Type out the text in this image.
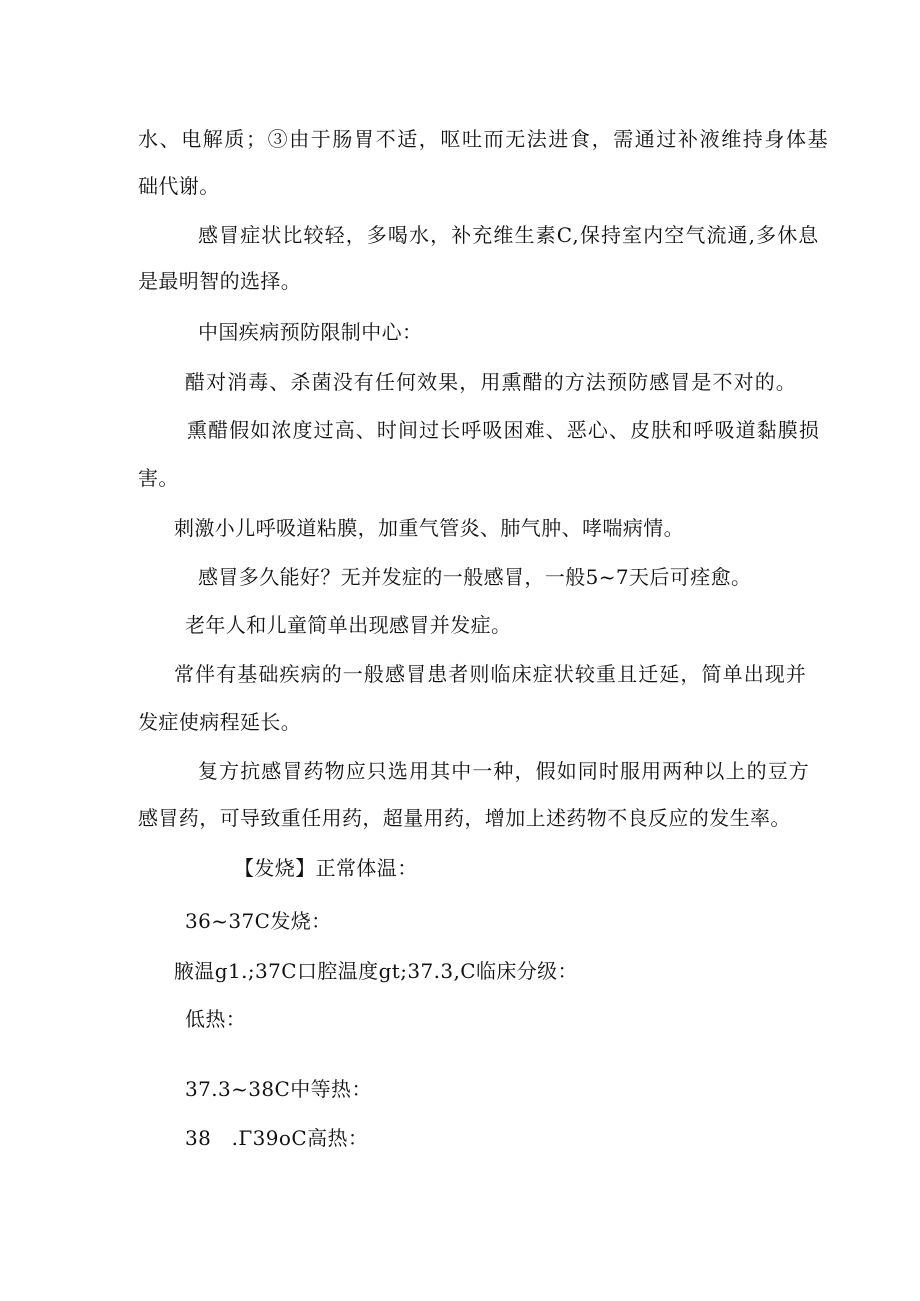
水、电解质；③由于肠胃不适，呕吐而无法进食，需通过补液维持身体基
础代谢。
感冒症状比较轻，多喝水，补充维生素C,保持室内空气流通,多休息
是最明智的选择。
中国疾病预防限制中心：
醋对消毒、杀菌没有任何效果，用熏醋的方法预防感冒是不对的。
熏醋假如浓度过高、时间过长呼吸困难、恶心、皮肤和呼吸道黏膜损
害。
刺激小儿呼吸道粘膜，加重气管炎、肺气肿、哮喘病情。
感冒多久能好？无并发症的一般感冒，一般5~7天后可痊愈。
老年人和儿童简单出现感冒并发症。
常伴有基础疾病的一般感冒患者则临床症状较重且迁延，简单出现并
发症使病程延长。
复方抗感冒药物应只选用其中一种，假如同时服用两种以上的豆方
感冒药，可导致重任用药，超量用药，增加上述药物不良反应的发生率。
【发烧】正常体温：
36~37C发烧：
腋温g1.;37C口腔温度gt;37.3,C临床分级：
低热：
37.3~38C中等热：
38　.Γ39oC高热：
